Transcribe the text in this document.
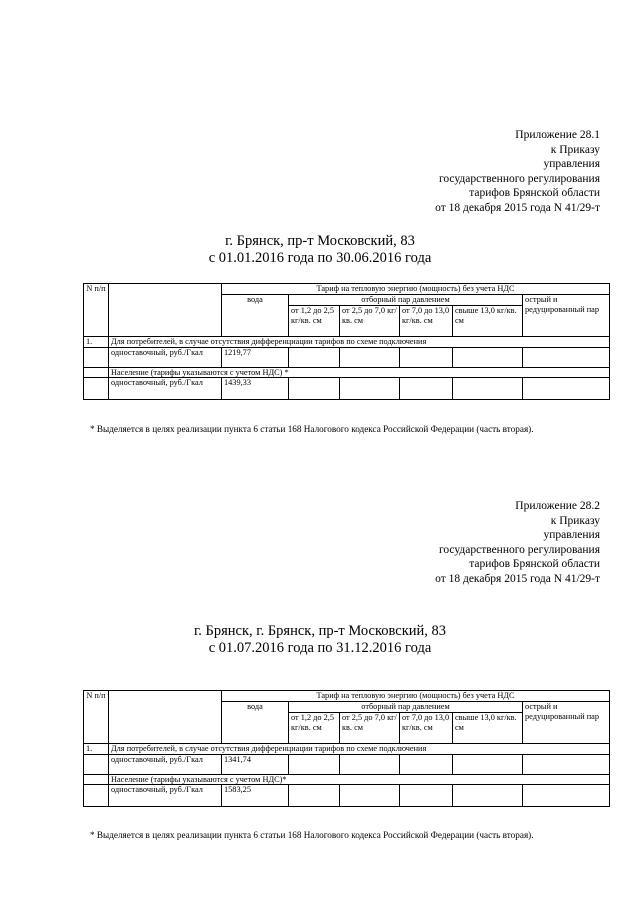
Приложение 28.1
к Приказу
управления
государственного регулирования
тарифов Брянской области
от 18 декабря 2015 года N 41/29-т
г. Брянск, пр-т Московский, 83
с 01.01.2016 года по 30.06.2016 года
N п/п		Тариф на тепловую энергию (мощность) без учета НДС					
		вода	отборный пар давлением				острый и редуцированный пар
			от 1,2 до 2,5 кг/кв. см	от 2,5 до 7,0 кг/кв. см	от 7,0 до 13,0 кг/кв. см	свыше 13,0 кг/кв. см	
1.	Для потребителей, в случае отсутствия дифференциации тарифов по схеме подключения						
	одноставочный, руб./Гкал	1219,77					
	Население (тарифы указываются с учетом НДС) *						
	одноставочный, руб./Гкал	1439,33					
* Выделяется в целях реализации пункта 6 статьи 168 Налогового кодекса Российской Федерации (часть вторая).
Приложение 28.2
к Приказу
управления
государственного регулирования
тарифов Брянской области
от 18 декабря 2015 года N 41/29-т
г. Брянск, г. Брянск, пр-т Московский, 83
с 01.07.2016 года по 31.12.2016 года
N п/п		Тариф на тепловую энергию (мощность) без учета НДС					
		вода	отборный пар давлением				острый и редуцированный пар
			от 1,2 до 2,5 кг/кв. см	от 2,5 до 7,0 кг/кв. см	от 7,0 до 13,0 кг/кв. см	свыше 13,0 кг/кв. см	
1.	Для потребителей, в случае отсутствия дифференциации тарифов по схеме подключения						
	одноставочный, руб./Гкал	1341,74					
	Население (тарифы указываются с учетом НДС)*						
	одноставочный, руб./Гкал	1583,25					
* Выделяется в целях реализации пункта 6 статьи 168 Налогового кодекса Российской Федерации (часть вторая).
